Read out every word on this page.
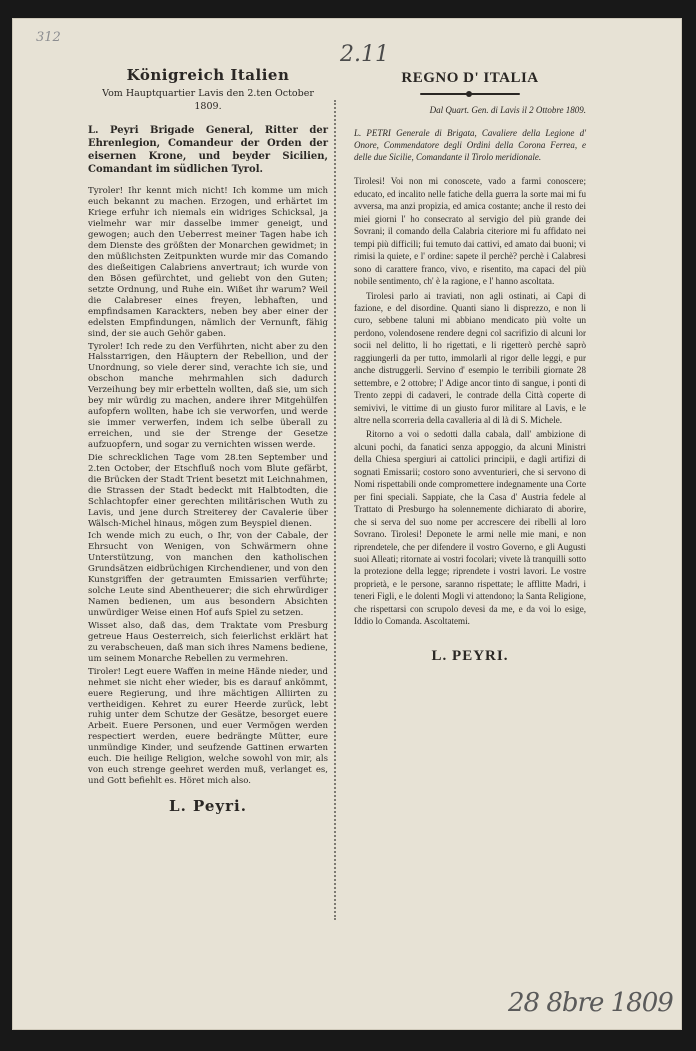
312
2.11
28 8bre 1809
Königreich Italien
Vom Hauptquartier Lavis den 2.ten October 1809.
L. Peyri Brigade General, Ritter der Ehrenlegion, Comandeur der Orden der eisernen Krone, und beyder Sicilien, Comandant im südlichen Tyrol.

Tyroler! Ihr kennt mich nicht! Ich komme um mich euch bekannt zu machen. Erzogen, und erhärtet im Kriege erfuhr ich niemals ein widriges Schicksal, ja vielmehr war mir dasselbe immer geneigt, und gewogen; auch den Ueberrest meiner Tagen habe ich dem Dienste des größten der Monarchen gewidmet; in den müßlichsten Zeitpunkten wurde mir das Comando des dießeitigen Calabriens anvertraut; ich wurde von den Bösen gefürchtet, und geliebt von den Guten; setzte Ordnung, und Ruhe ein. Wißet ihr warum? Weil die Calabreser eines freyen, lebhaften, und empfindsamen Karackters, neben bey aber einer der edelsten Empfindungen, nämlich der Vernunft, fähig sind, der sie auch Gehör gaben.

Tyroler! Ich rede zu den Verführten, nicht aber zu den Halsstarrigen, den Häuptern der Rebellion, und der Unordnung, so viele derer sind, verachte ich sie, und obschon manche mehrmahlen sich dadurch Verzeihung bey mir erbetteln wollten, daß sie, um sich bey mir würdig zu machen, andere ihrer Mitgehülfen aufopfern wollten, habe ich sie verworfen, und werde sie immer verwerfen, indem ich selbe überall zu erreichen, und sie der Strenge der Gesetze aufzuopfern, und sogar zu vernichten wissen werde.

Die schrecklichen Tage vom 28.ten September und 2.ten October, der Etschfluß noch vom Blute gefärbt, die Brücken der Stadt Trient besetzt mit Leichnahmen, die Strassen der Stadt bedeckt mit Halbtodten, die Schlachtopfer einer gerechten militärischen Wuth zu Lavis, und jene durch Streiterey der Cavalerie über Wälsch-Michel hinaus, mögen zum Beyspiel dienen.

Ich wende mich zu euch, o Ihr, von der Cabale, der Ehrsucht von Wenigen, von Schwärmern ohne Unterstützung, von manchen den katholischen Grundsätzen eidbrüchigen Kirchendiener, und von den Kunstgriffen der getraumten Emissarien verführte; solche Leute sind Abentheuerer; die sich ehrwürdiger Namen bedienen, um aus besondern Absichten unwürdiger Weise einen Hof aufs Spiel zu setzen.

Wisset also, daß das, dem Traktate vom Presburg getreue Haus Oesterreich, sich feierlichst erklärt hat zu verabscheuen, daß man sich ihres Namens bediene, um seinem Monarche Rebellen zu vermehren.

Tiroler! Legt euere Waffen in meine Hände nieder, und nehmet sie nicht eher wieder, bis es darauf ankömmt, euere Regierung, und ihre mächtigen Alliirten zu vertheidigen. Kehret zu eurer Heerde zurück, lebt ruhig unter dem Schutze der Gesätze, besorget euere Arbeit. Euere Personen, und euer Vermögen werden respectiert werden, euere bedrängte Mütter, eure unmündige Kinder, und seufzende Gattinen erwarten euch. Die heilige Religion, welche sowohl von mir, als von euch strenge geehret werden muß, verlanget es, und Gott befiehlt es. Höret mich also.

L. Peyri.
REGNO D' ITALIA
Dal Quart. Gen. di Lavis il 2 Ottobre 1809.
L. PETRI Generale di Brigata, Cavaliere della Legione d' Onore, Commendatore degli Ordini della Corona Ferrea, e delle due Sicilie, Comandante il Tirolo meridionale.

Tirolesi! Voi non mi conoscete, vado a farmi conoscere; educato, ed incalito nelle fatiche della guerra la sorte mai mi fu avversa, ma anzi propizia, ed amica costante; anche il resto dei miei giorni l' ho consecrato al servigio del più grande dei Sovrani; il comando della Calabria citeriore mi fu affidato nei tempi più difficili; fui temuto dai cattivi, ed amato dai buoni; vi rimisi la quiete, e l' ordine: sapete il perchè? perchè i Calabresi sono di carattere franco, vivo, e risentito, ma capaci del più nobile sentimento, ch' è la ragione, e l' hanno ascoltata.

Tirolesi parlo ai traviati, non agli ostinati, ai Capi di fazione, e del disordine. Quanti siano li disprezzo, e non li curo, sebbene taluni mi abbiano mendicato più volte un perdono, volendosene rendere degni col sacrifizio di alcuni lor socii nel delitto, li ho rigettati, e li rigetterò perchè saprò raggiungerli da per tutto, immolarli al rigor delle leggi, e pur anche distruggerli. Servino d' esempio le terribili giornate 28 settembre, e 2 ottobre; l' Adige ancor tinto di sangue, i ponti di Trento zeppi di cadaveri, le contrade della Città coperte di semivivi, le vittime di un giusto furor militare al Lavis, e le altre nella scorreria della cavalleria al di là di S. Michele.

Ritorno a voi o sedotti dalla cabala, dall' ambizione di alcuni pochi, da fanatici senza appoggio, da alcuni Ministri della Chiesa spergiuri ai cattolici principii, e dagli artifizi di sognati Emissarii; costoro sono avventurieri, che si servono di Nomi rispettabili onde compromettere indegnamente una Corte per fini speciali. Sappiate, che la Casa d' Austria fedele al Trattato di Presburgo ha solennemente dichiarato di aborire, che si serva del suo nome per accrescere dei ribelli al loro Sovrano. Tirolesi! Deponete le armi nelle mie mani, e non riprendetele, che per difendere il vostro Governo, e gli Augusti suoi Alleati; ritornate ai vostri focolari; vivete là tranquilli sotto la protezione della legge; riprendete i vostri lavori. Le vostre proprietà, e le persone, saranno rispettate; le afflitte Madri, i teneri Figli, e le dolenti Mogli vi attendono; la Santa Religione, che rispettarsi con scrupolo devesi da me, e da voi lo esige, Iddio lo Comanda. Ascoltatemi.

L. PEYRI.
